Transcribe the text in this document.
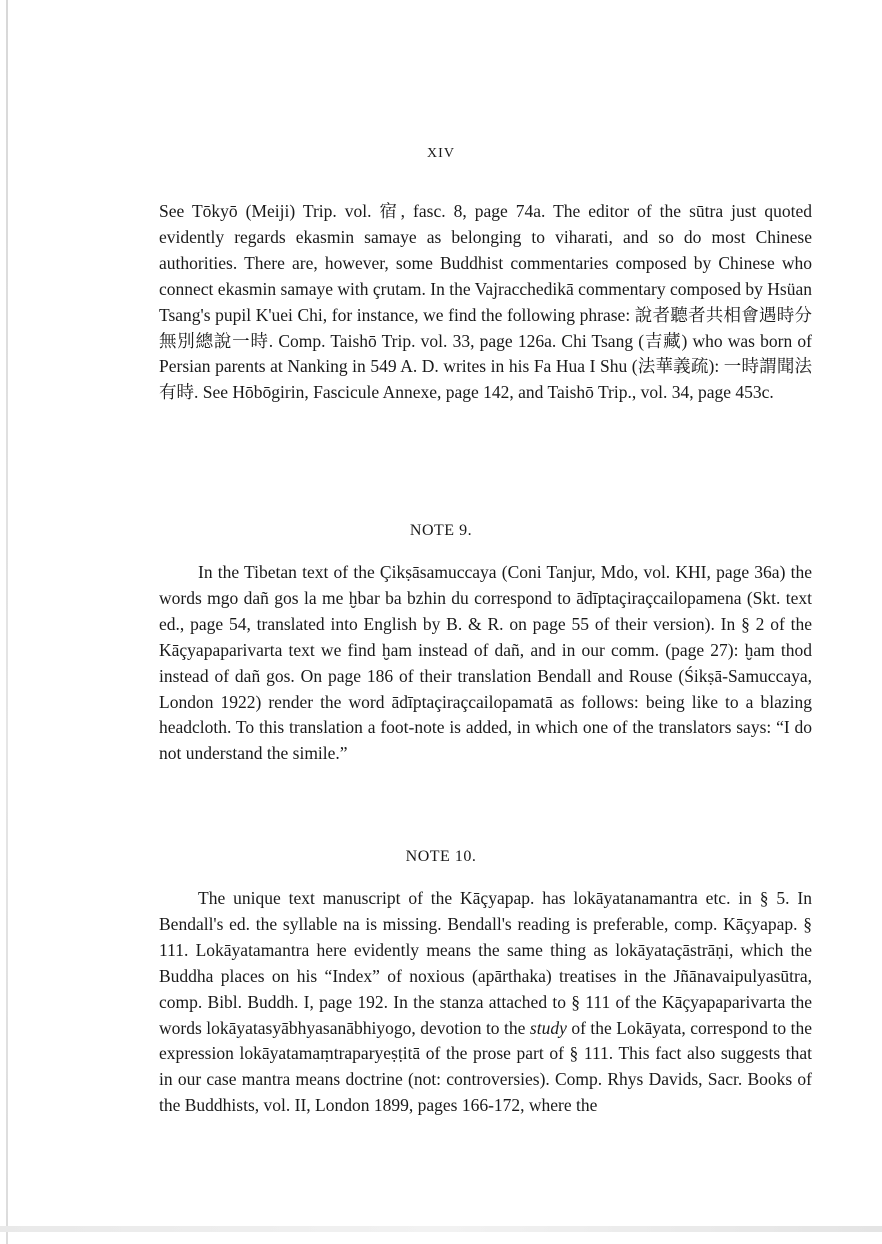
XIV

See Tōkyō (Meiji) Trip. vol. 宿, fasc. 8, page 74a. The editor of the sūtra just quoted evidently regards ekasmin samaye as belonging to viharati, and so do most Chinese authorities. There are, however, some Buddhist commentaries composed by Chinese who connect ekasmin samaye with çrutam. In the Vajracchedikā commentary composed by Hsüan Tsang's pupil K'uei Chi, for instance, we find the following phrase: 說者聽者共相會遇時分無別總說一時. Comp. Taishō Trip. vol. 33, page 126a. Chi Tsang (吉藏) who was born of Persian parents at Nanking in 549 A. D. writes in his Fa Hua I Shu (法華義疏): 一時謂聞法有時. See Hōbōgirin, Fascicule Annexe, page 142, and Taishō Trip., vol. 34, page 453c.

NOTE 9.

In the Tibetan text of the Çikṣāsamuccaya (Coni Tanjur, Mdo, vol. KHI, page 36a) the words mgo dañ gos la me ḫbar ba bzhin du correspond to ādīptaçiraçcailopamena (Skt. text ed., page 54, translated into English by B. & R. on page 55 of their version). In § 2 of the Kāçyapaparivarta text we find ḫam instead of dañ, and in our comm. (page 27): ḫam thod instead of dañ gos. On page 186 of their translation Bendall and Rouse (Śikṣā-Samuccaya, London 1922) render the word ādīptaçiraçcailopamatā as follows: being like to a blazing headcloth. To this translation a foot-note is added, in which one of the translators says: “I do not understand the simile.”

NOTE 10.

The unique text manuscript of the Kāçyapap. has lokāyatanamantra etc. in § 5. In Bendall's ed. the syllable na is missing. Bendall's reading is preferable, comp. Kāçyapap. § 111. Lokāyatamantra here evidently means the same thing as lokāyataçāstrāṇi, which the Buddha places on his “Index” of noxious (apārthaka) treatises in the Jñānavaipulyasūtra, comp. Bibl. Buddh. I, page 192. In the stanza attached to § 111 of the Kāçyapaparivarta the words lokāyatasyābhyasanābhiyogo, devotion to the study of the Lokāyata, correspond to the expression lokāyatamaṃtraparyeṣṭitā of the prose part of § 111. This fact also suggests that in our case mantra means doctrine (not: controversies). Comp. Rhys Davids, Sacr. Books of the Buddhists, vol. II, London 1899, pages 166-172, where the
